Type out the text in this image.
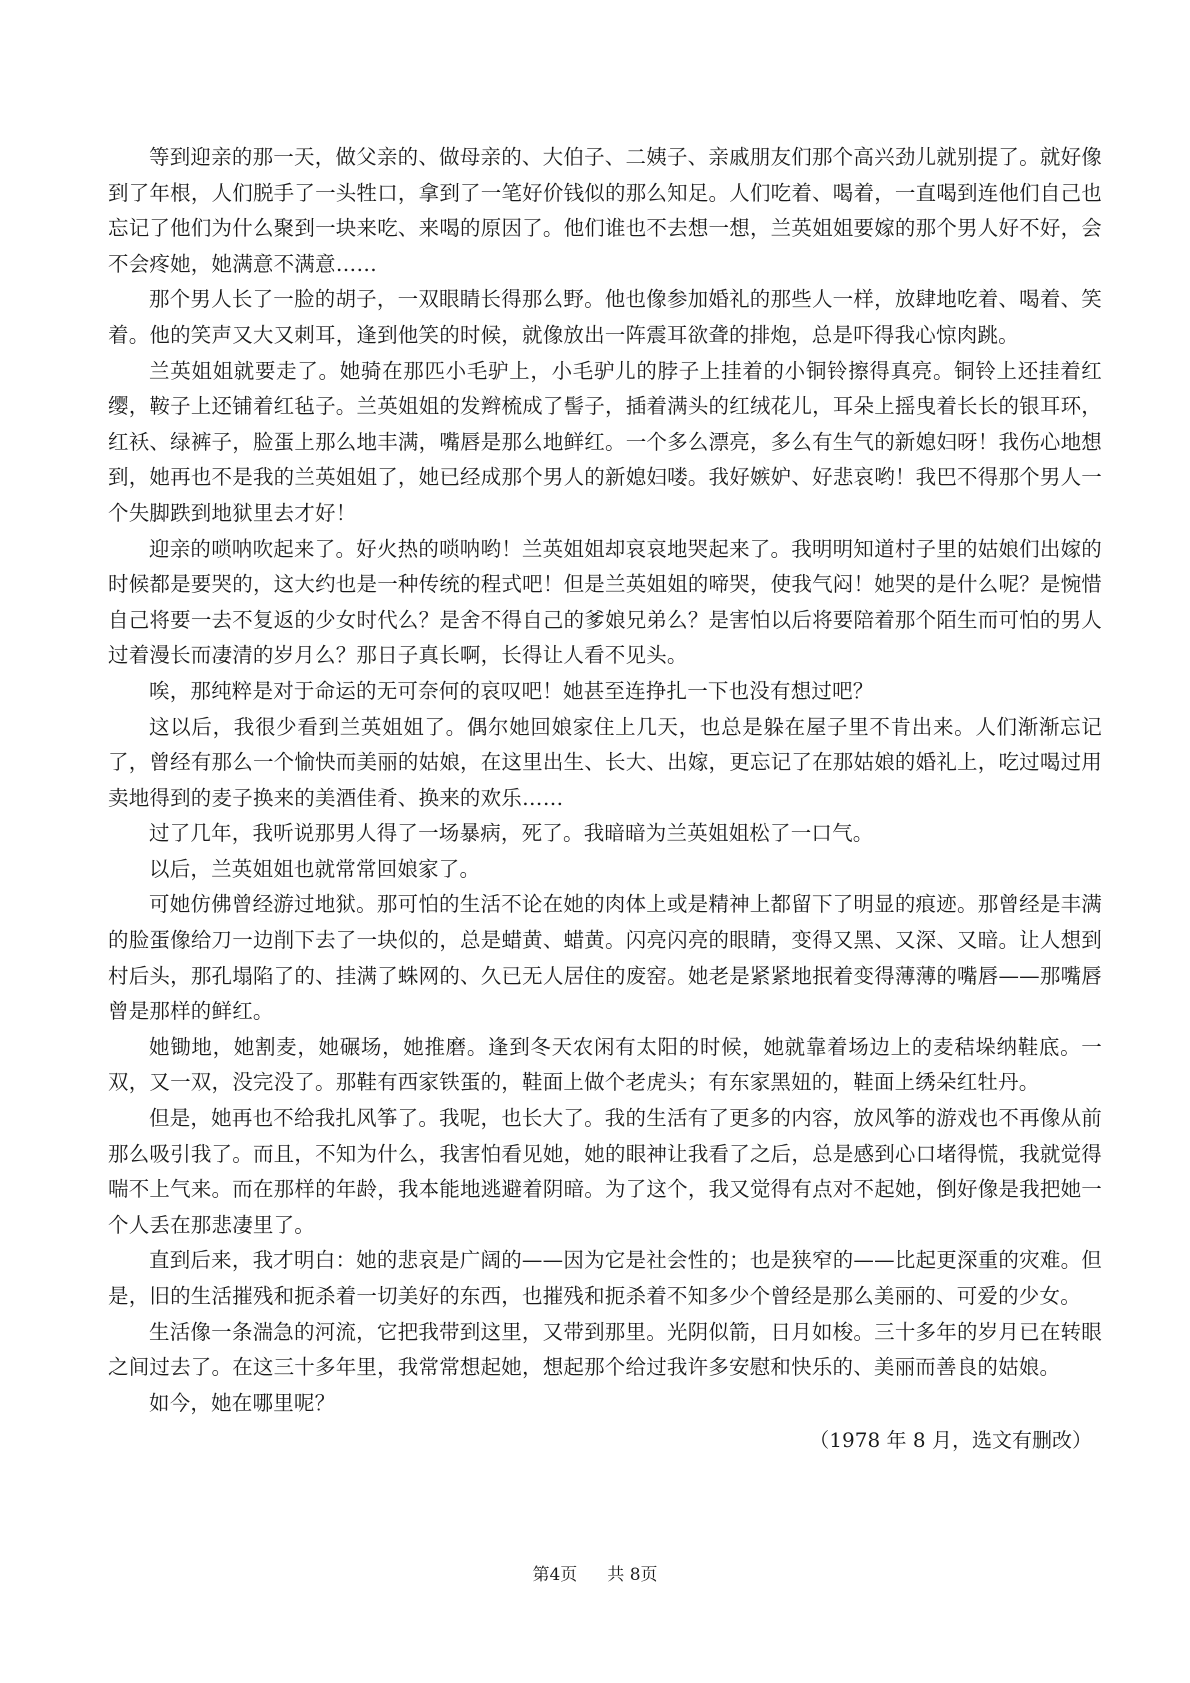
等到迎亲的那一天，做父亲的、做母亲的、大伯子、二姨子、亲戚朋友们那个高兴劲儿就别提了。就好像到了年根，人们脱手了一头牲口，拿到了一笔好价钱似的那么知足。人们吃着、喝着，一直喝到连他们自己也忘记了他们为什么聚到一块来吃、来喝的原因了。他们谁也不去想一想，兰英姐姐要嫁的那个男人好不好，会不会疼她，她满意不满意……

那个男人长了一脸的胡子，一双眼睛长得那么野。他也像参加婚礼的那些人一样，放肆地吃着、喝着、笑着。他的笑声又大又刺耳，逢到他笑的时候，就像放出一阵震耳欲聋的排炮，总是吓得我心惊肉跳。

兰英姐姐就要走了。她骑在那匹小毛驴上，小毛驴儿的脖子上挂着的小铜铃擦得真亮。铜铃上还挂着红缨，鞍子上还铺着红毡子。兰英姐姐的发辫梳成了髻子，插着满头的红绒花儿，耳朵上摇曳着长长的银耳环，红袄、绿裤子，脸蛋上那么地丰满，嘴唇是那么地鲜红。一个多么漂亮，多么有生气的新媳妇呀！我伤心地想到，她再也不是我的兰英姐姐了，她已经成那个男人的新媳妇喽。我好嫉妒、好悲哀哟！我巴不得那个男人一个失脚跌到地狱里去才好！

迎亲的唢呐吹起来了。好火热的唢呐哟！兰英姐姐却哀哀地哭起来了。我明明知道村子里的姑娘们出嫁的时候都是要哭的，这大约也是一种传统的程式吧！但是兰英姐姐的啼哭，使我气闷！她哭的是什么呢？是惋惜自己将要一去不复返的少女时代么？是舍不得自己的爹娘兄弟么？是害怕以后将要陪着那个陌生而可怕的男人过着漫长而凄清的岁月么？那日子真长啊，长得让人看不见头。

唉，那纯粹是对于命运的无可奈何的哀叹吧！她甚至连挣扎一下也没有想过吧？

这以后，我很少看到兰英姐姐了。偶尔她回娘家住上几天，也总是躲在屋子里不肯出来。人们渐渐忘记了，曾经有那么一个愉快而美丽的姑娘，在这里出生、长大、出嫁，更忘记了在那姑娘的婚礼上，吃过喝过用卖地得到的麦子换来的美酒佳肴、换来的欢乐……

过了几年，我听说那男人得了一场暴病，死了。我暗暗为兰英姐姐松了一口气。

以后，兰英姐姐也就常常回娘家了。

可她仿佛曾经游过地狱。那可怕的生活不论在她的肉体上或是精神上都留下了明显的痕迹。那曾经是丰满的脸蛋像给刀一边削下去了一块似的，总是蜡黄、蜡黄。闪亮闪亮的眼睛，变得又黑、又深、又暗。让人想到村后头，那孔塌陷了的、挂满了蛛网的、久已无人居住的废窑。她老是紧紧地抿着变得薄薄的嘴唇——那嘴唇曾是那样的鲜红。

她锄地，她割麦，她碾场，她推磨。逢到冬天农闲有太阳的时候，她就靠着场边上的麦秸垛纳鞋底。一双，又一双，没完没了。那鞋有西家铁蛋的，鞋面上做个老虎头；有东家黑妞的，鞋面上绣朵红牡丹。

但是，她再也不给我扎风筝了。我呢，也长大了。我的生活有了更多的内容，放风筝的游戏也不再像从前那么吸引我了。而且，不知为什么，我害怕看见她，她的眼神让我看了之后，总是感到心口堵得慌，我就觉得喘不上气来。而在那样的年龄，我本能地逃避着阴暗。为了这个，我又觉得有点对不起她，倒好像是我把她一个人丢在那悲凄里了。

直到后来，我才明白：她的悲哀是广阔的——因为它是社会性的；也是狭窄的——比起更深重的灾难。但是，旧的生活摧残和扼杀着一切美好的东西，也摧残和扼杀着不知多少个曾经是那么美丽的、可爱的少女。

生活像一条湍急的河流，它把我带到这里，又带到那里。光阴似箭，日月如梭。三十多年的岁月已在转眼之间过去了。在这三十多年里，我常常想起她，想起那个给过我许多安慰和快乐的、美丽而善良的姑娘。

如今，她在哪里呢？

（1978 年 8 月，选文有删改）

第4页 共 8页
